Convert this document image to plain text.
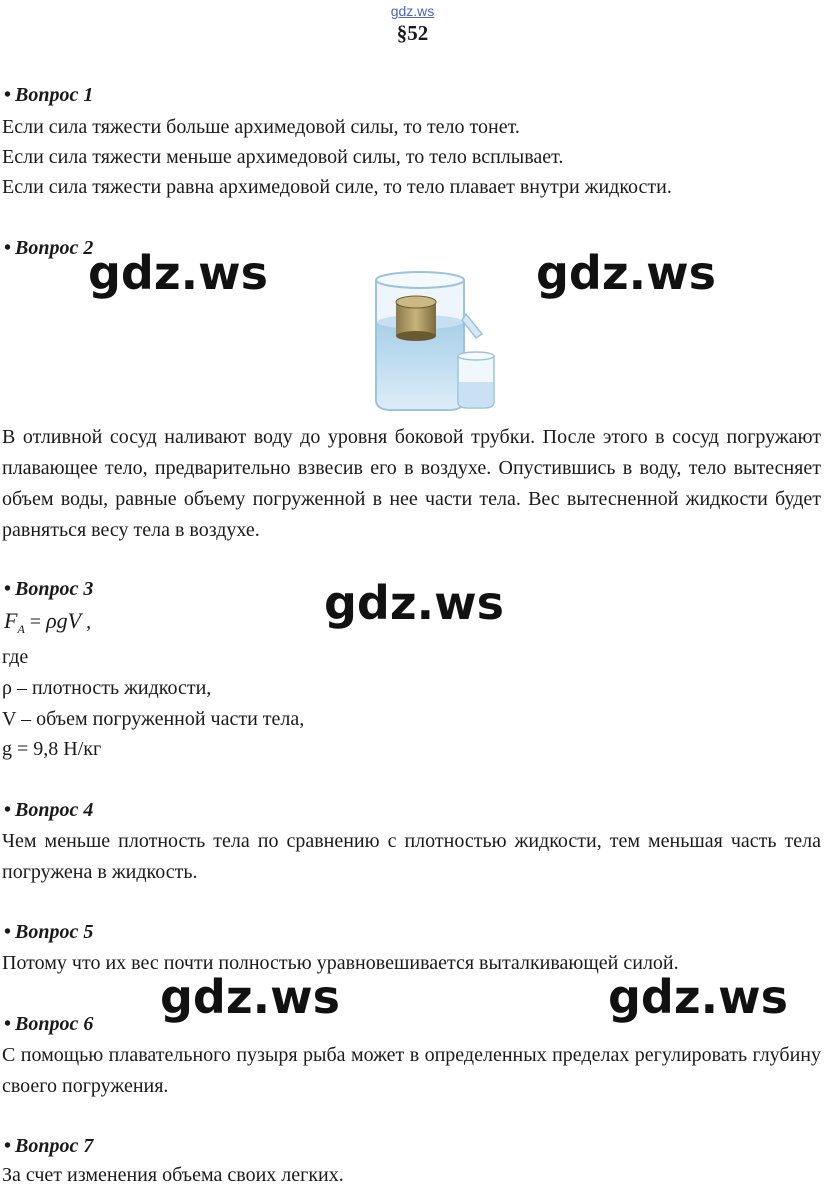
gdz.ws
§52
• Вопрос 1
Если сила тяжести больше архимедовой силы, то тело тонет.
Если сила тяжести меньше архимедовой силы, то тело всплывает.
Если сила тяжести равна архимедовой силе, то тело плавает внутри жидкости.
• Вопрос 2
gdz.ws	gdz.ws
В отливной сосуд наливают воду до уровня боковой трубки. После этого в сосуд погружают плавающее тело, предварительно взвесив его в воздухе. Опустившись в воду, тело вытесняет объем воды, равные объему погруженной в нее части тела. Вес вытесненной жидкости будет равняться весу тела в воздухе.
• Вопрос 3	gdz.ws
$F_A = \rho gV$ ,
где
ρ – плотность жидкости,
V – объем погруженной части тела,
g = 9,8 Н/кг
• Вопрос 4
Чем меньше плотность тела по сравнению с плотностью жидкости, тем меньшая часть тела погружена в жидкость.
• Вопрос 5
Потому что их вес почти полностью уравновешивается выталкивающей силой.
gdz.ws	gdz.ws
• Вопрос 6
С помощью плавательного пузыря рыба может в определенных пределах регулировать глубину своего погружения.
• Вопрос 7
За счет изменения объема своих легких.
